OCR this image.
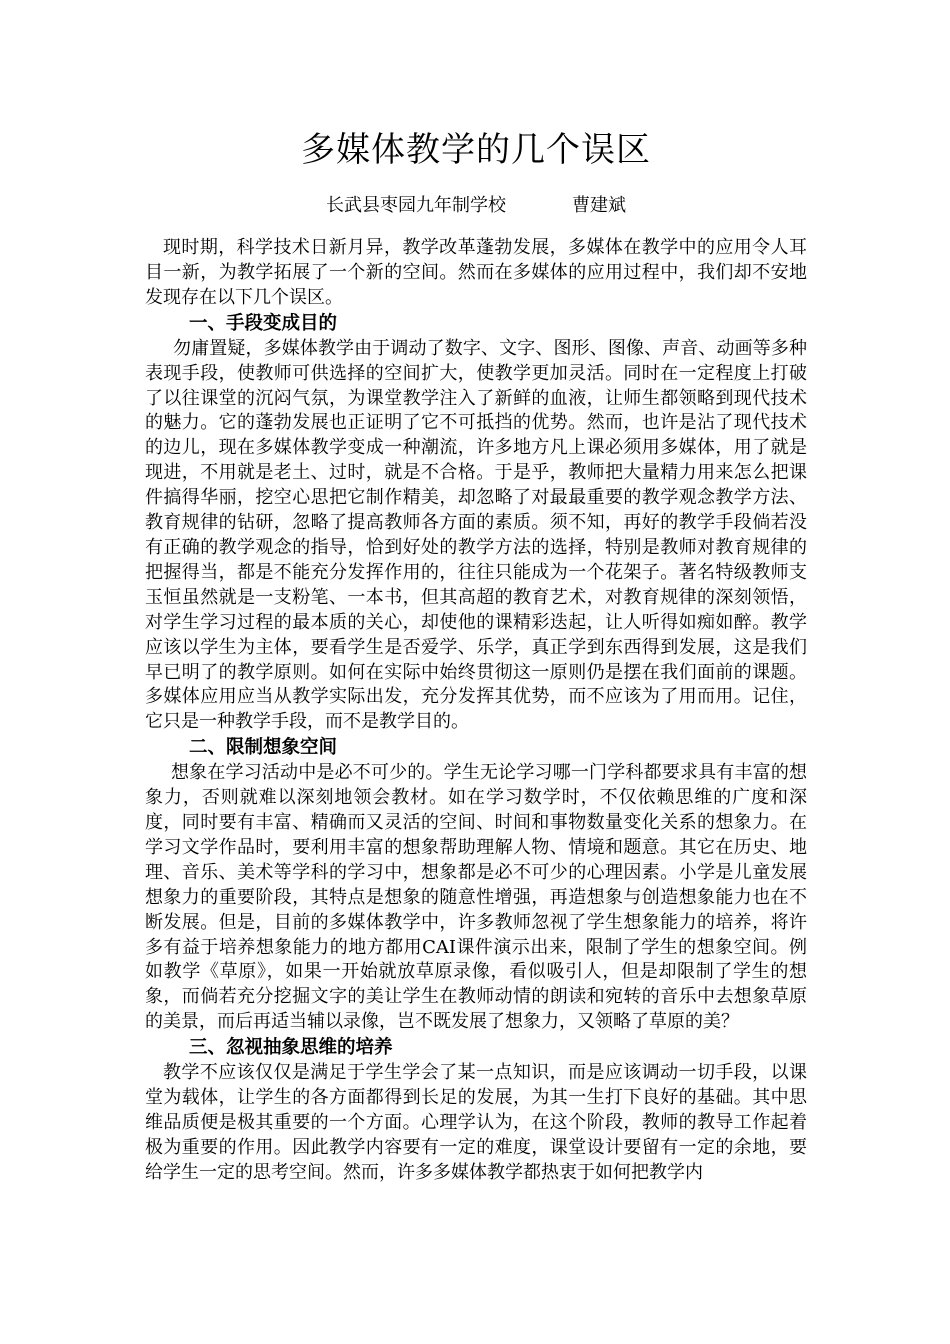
多媒体教学的几个误区
长武县枣园九年制学校	曹建斌

现时期，科学技术日新月异，教学改革蓬勃发展，多媒体在教学中的应用令人耳目一新，为教学拓展了一个新的空间。然而在多媒体的应用过程中，我们却不安地发现存在以下几个误区。

一、手段变成目的

勿庸置疑，多媒体教学由于调动了数字、文字、图形、图像、声音、动画等多种表现手段，使教师可供选择的空间扩大，使教学更加灵活。同时在一定程度上打破了以往课堂的沉闷气氛，为课堂教学注入了新鲜的血液，让师生都领略到现代技术的魅力。它的蓬勃发展也正证明了它不可抵挡的优势。然而，也许是沾了现代技术的边儿，现在多媒体教学变成一种潮流，许多地方凡上课必须用多媒体，用了就是现进，不用就是老土、过时，就是不合格。于是乎，教师把大量精力用来怎么把课件搞得华丽，挖空心思把它制作精美，却忽略了对最最重要的教学观念教学方法、教育规律的钻研，忽略了提高教师各方面的素质。须不知，再好的教学手段倘若没有正确的教学观念的指导，恰到好处的教学方法的选择，特别是教师对教育规律的把握得当，都是不能充分发挥作用的，往往只能成为一个花架子。著名特级教师支玉恒虽然就是一支粉笔、一本书，但其高超的教育艺术，对教育规律的深刻领悟，对学生学习过程的最本质的关心，却使他的课精彩迭起，让人听得如痴如醉。教学应该以学生为主体，要看学生是否爱学、乐学，真正学到东西得到发展，这是我们早已明了的教学原则。如何在实际中始终贯彻这一原则仍是摆在我们面前的课题。多媒体应用应当从教学实际出发，充分发挥其优势，而不应该为了用而用。记住，它只是一种教学手段，而不是教学目的。

二、限制想象空间

想象在学习活动中是必不可少的。学生无论学习哪一门学科都要求具有丰富的想象力，否则就难以深刻地领会教材。如在学习数学时，不仅依赖思维的广度和深度，同时要有丰富、精确而又灵活的空间、时间和事物数量变化关系的想象力。在学习文学作品时，要利用丰富的想象帮助理解人物、情境和题意。其它在历史、地理、音乐、美术等学科的学习中，想象都是必不可少的心理因素。小学是儿童发展想象力的重要阶段，其特点是想象的随意性增强，再造想象与创造想象能力也在不断发展。但是，目前的多媒体教学中，许多教师忽视了学生想象能力的培养，将许多有益于培养想象能力的地方都用CAI课件演示出来，限制了学生的想象空间。例如教学《草原》，如果一开始就放草原录像，看似吸引人，但是却限制了学生的想象，而倘若充分挖掘文字的美让学生在教师动情的朗读和宛转的音乐中去想象草原的美景，而后再适当辅以录像，岂不既发展了想象力，又领略了草原的美？

三、忽视抽象思维的培养

教学不应该仅仅是满足于学生学会了某一点知识，而是应该调动一切手段，以课堂为载体，让学生的各方面都得到长足的发展，为其一生打下良好的基础。其中思维品质便是极其重要的一个方面。心理学认为，在这个阶段，教师的教导工作起着极为重要的作用。因此教学内容要有一定的难度，课堂设计要留有一定的余地，要给学生一定的思考空间。然而，许多多媒体教学都热衷于如何把教学内
